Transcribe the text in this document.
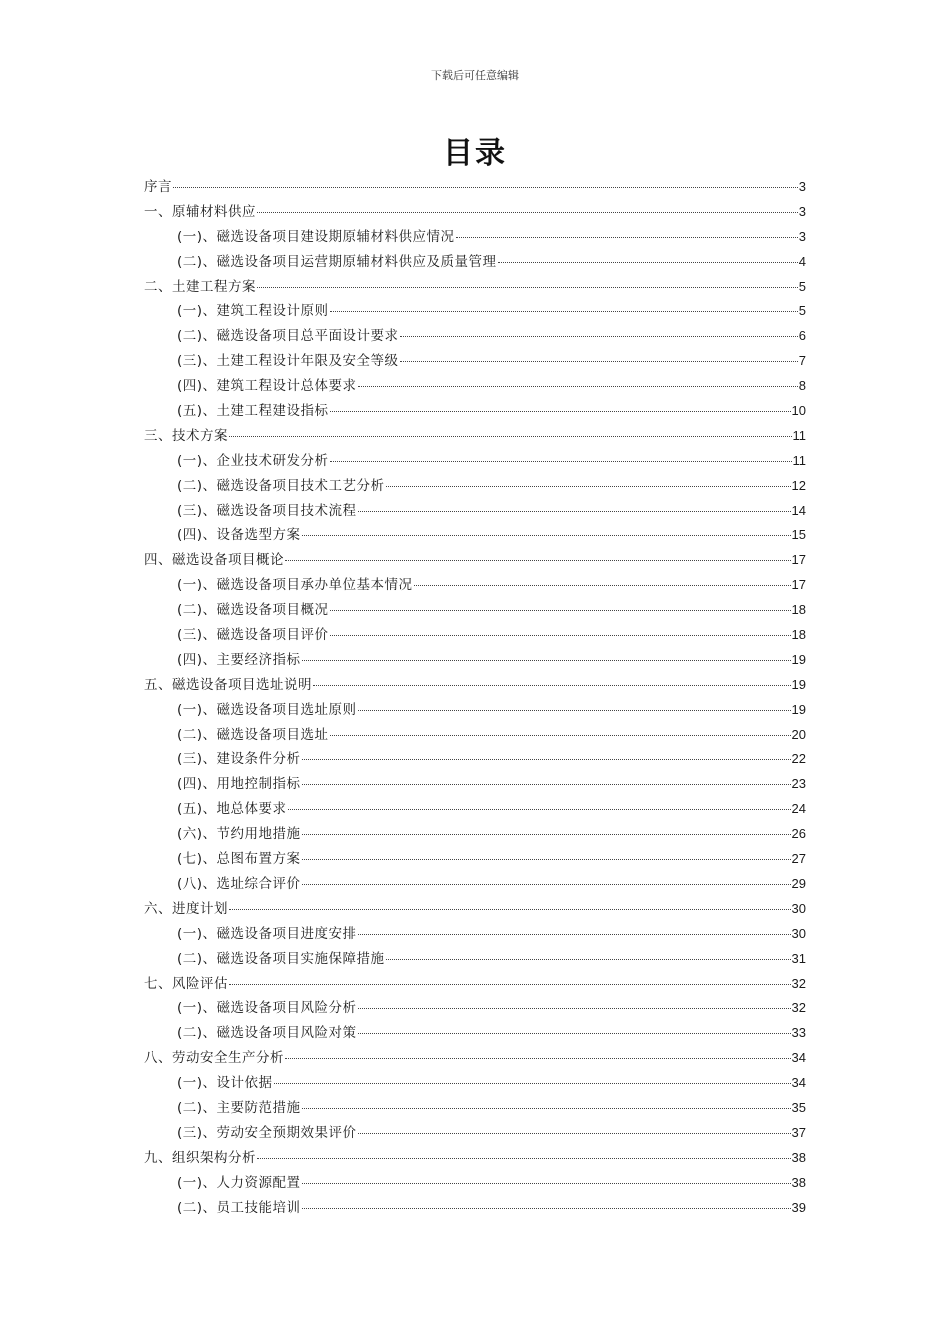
下载后可任意编辑
目录
序言	3
一、原辅材料供应	3
(一)、磁选设备项目建设期原辅材料供应情况	3
(二)、磁选设备项目运营期原辅材料供应及质量管理	4
二、土建工程方案	5
(一)、建筑工程设计原则	5
(二)、磁选设备项目总平面设计要求	6
(三)、土建工程设计年限及安全等级	7
(四)、建筑工程设计总体要求	8
(五)、土建工程建设指标	10
三、技术方案	11
(一)、企业技术研发分析	11
(二)、磁选设备项目技术工艺分析	12
(三)、磁选设备项目技术流程	14
(四)、设备选型方案	15
四、磁选设备项目概论	17
(一)、磁选设备项目承办单位基本情况	17
(二)、磁选设备项目概况	18
(三)、磁选设备项目评价	18
(四)、主要经济指标	19
五、磁选设备项目选址说明	19
(一)、磁选设备项目选址原则	19
(二)、磁选设备项目选址	20
(三)、建设条件分析	22
(四)、用地控制指标	23
(五)、地总体要求	24
(六)、节约用地措施	26
(七)、总图布置方案	27
(八)、选址综合评价	29
六、进度计划	30
(一)、磁选设备项目进度安排	30
(二)、磁选设备项目实施保障措施	31
七、风险评估	32
(一)、磁选设备项目风险分析	32
(二)、磁选设备项目风险对策	33
八、劳动安全生产分析	34
(一)、设计依据	34
(二)、主要防范措施	35
(三)、劳动安全预期效果评价	37
九、组织架构分析	38
(一)、人力资源配置	38
(二)、员工技能培训	39
